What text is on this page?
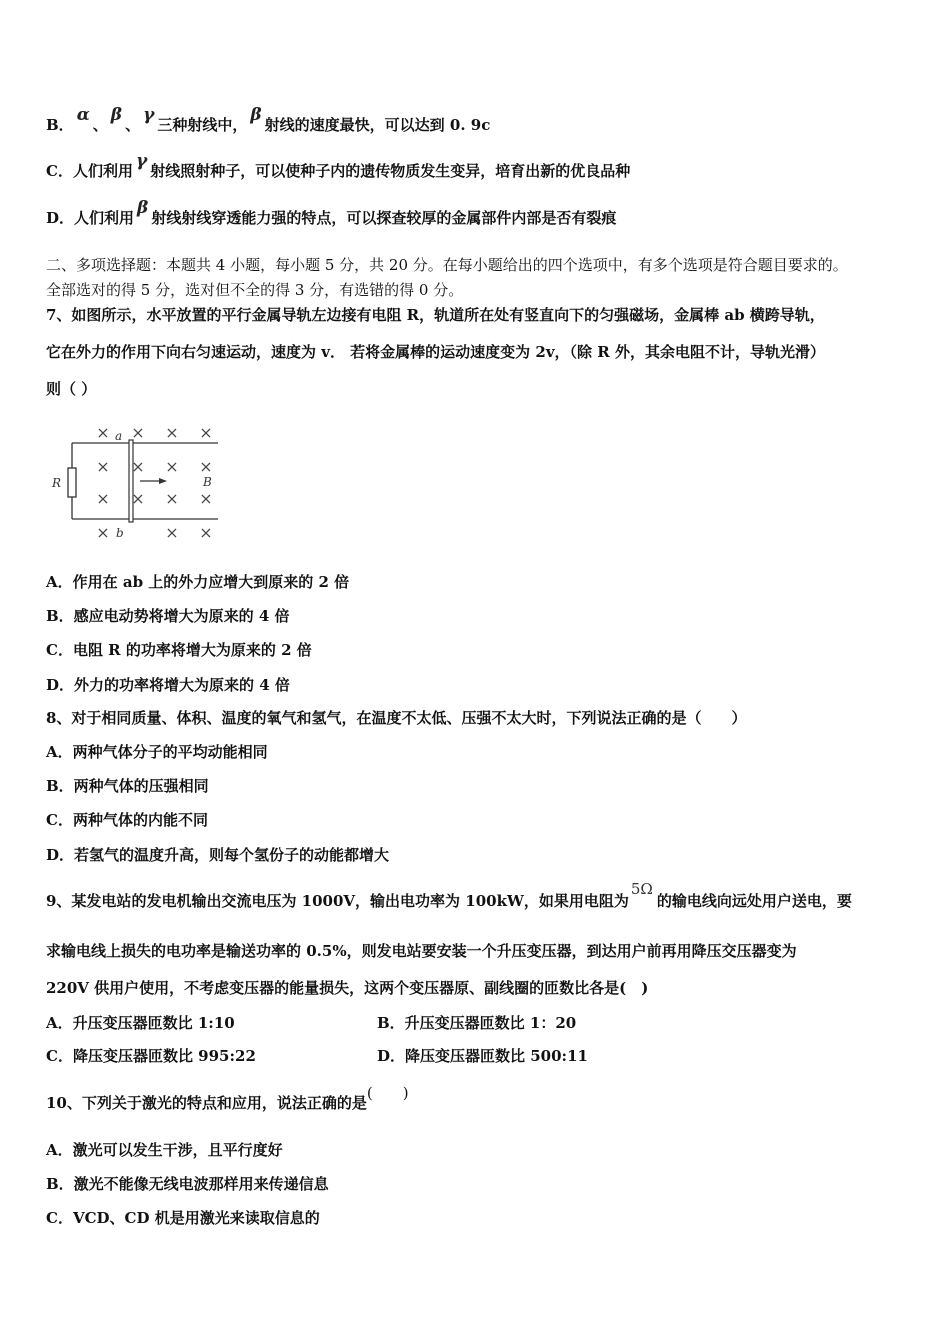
B． α 、 β 、 γ 三种射线中， β 射线的速度最快，可以达到 0. 9c
C．人们利用 γ 射线照射种子，可以使种子内的遗传物质发生变异，培育出新的优良品种
D．人们利用 β 射线射线穿透能力强的特点，可以探查较厚的金属部件内部是否有裂痕
二、多项选择题：本题共 4 小题，每小题 5 分，共 20 分。在每小题给出的四个选项中，有多个选项是符合题目要求的。
全部选对的得 5 分，选对但不全的得 3 分，有选错的得 0 分。
7、如图所示，水平放置的平行金属导轨左边接有电阻 R，轨道所在处有竖直向下的匀强磁场，金属棒 ab 横跨导轨，
它在外力的作用下向右匀速运动，速度为 v． 若将金属棒的运动速度变为 2v，（除 R 外，其余电阻不计，导轨光滑）
则（ ）
× × × ×
× × × ×
× × × ×
×	× ×
a
b
R	B
A．作用在 ab 上的外力应增大到原来的 2 倍
B．感应电动势将增大为原来的 4 倍
C．电阻 R 的功率将增大为原来的 2 倍
D．外力的功率将增大为原来的 4 倍
8、对于相同质量、体积、温度的氧气和氢气，在温度不太低、压强不太大时，下列说法正确的是（　　）
A．两种气体分子的平均动能相同
B．两种气体的压强相同
C．两种气体的内能不同
D．若氢气的温度升高，则每个氢份子的动能都增大
9、某发电站的发电机输出交流电压为 1000V，输出电功率为 100kW，如果用电阻为5Ω的输电线向远处用户送电，要
求输电线上损失的电功率是输送功率的 0.5%，则发电站要安装一个升压变压器，到达用户前再用降压交压器变为
220V 供用户使用，不考虑变压器的能量损失，这两个变压器原、副线圈的匝数比各是(　)
A．升压变压器匝数比 1:10	B．升压变压器匝数比 1：20
C．降压变压器匝数比 995:22	D．降压变压器匝数比 500:11
10、下列关于激光的特点和应用，说法正确的是(　　)
A．激光可以发生干涉，且平行度好
B．激光不能像无线电波那样用来传递信息
C．VCD、CD 机是用激光来读取信息的
